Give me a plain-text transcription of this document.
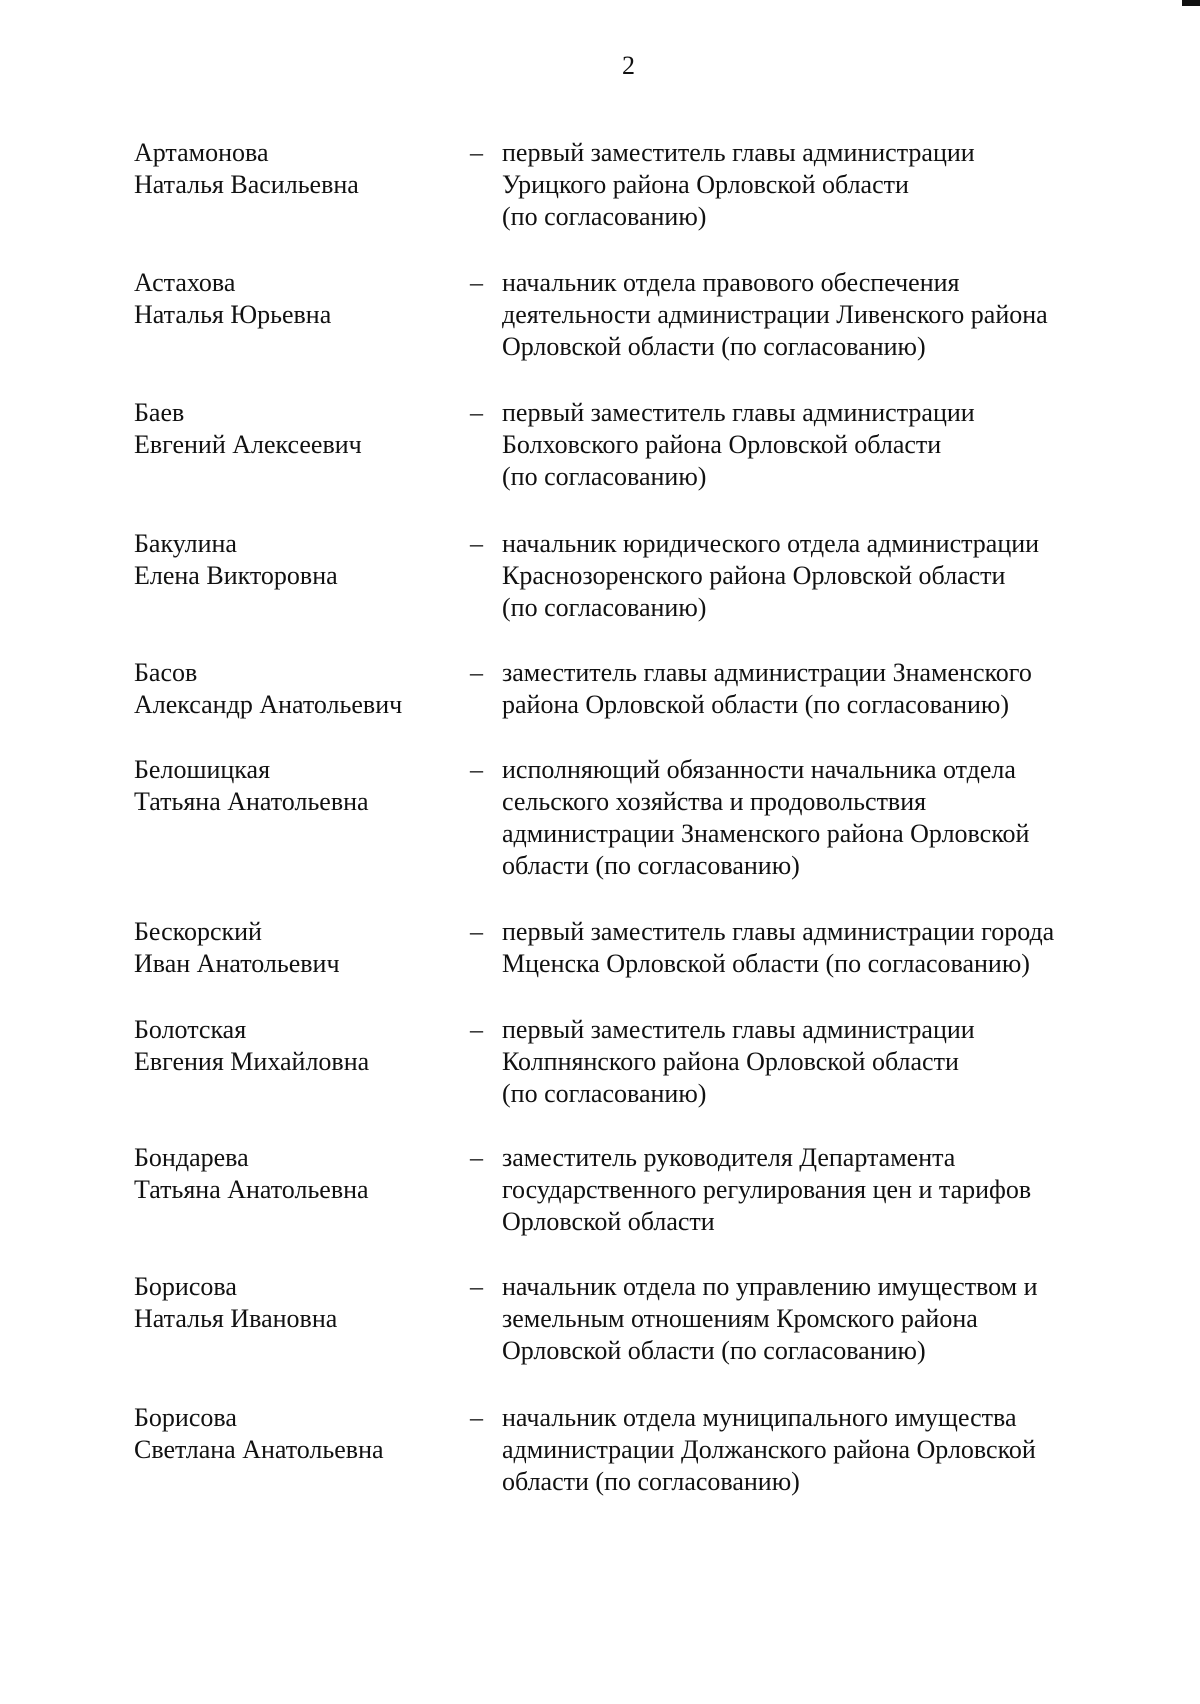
2
Артамонова
Наталья Васильевна
– первый заместитель главы администрации
Урицкого района Орловской области
(по согласованию)
Астахова
Наталья Юрьевна
– начальник отдела правового обеспечения
деятельности администрации Ливенского района
Орловской области (по согласованию)
Баев
Евгений Алексеевич
– первый заместитель главы администрации
Болховского района Орловской области
(по согласованию)
Бакулина
Елена Викторовна
– начальник юридического отдела администрации
Краснозоренского района Орловской области
(по согласованию)
Басов
Александр Анатольевич
– заместитель главы администрации Знаменского
района Орловской области (по согласованию)
Белошицкая
Татьяна Анатольевна
– исполняющий обязанности начальника отдела
сельского хозяйства и продовольствия
администрации Знаменского района Орловской
области (по согласованию)
Бескорский
Иван Анатольевич
– первый заместитель главы администрации города
Мценска Орловской области (по согласованию)
Болотская
Евгения Михайловна
– первый заместитель главы администрации
Колпнянского района Орловской области
(по согласованию)
Бондарева
Татьяна Анатольевна
– заместитель руководителя Департамента
государственного регулирования цен и тарифов
Орловской области
Борисова
Наталья Ивановна
– начальник отдела по управлению имуществом и
земельным отношениям Кромского района
Орловской области (по согласованию)
Борисова
Светлана Анатольевна
– начальник отдела муниципального имущества
администрации Должанского района Орловской
области (по согласованию)
